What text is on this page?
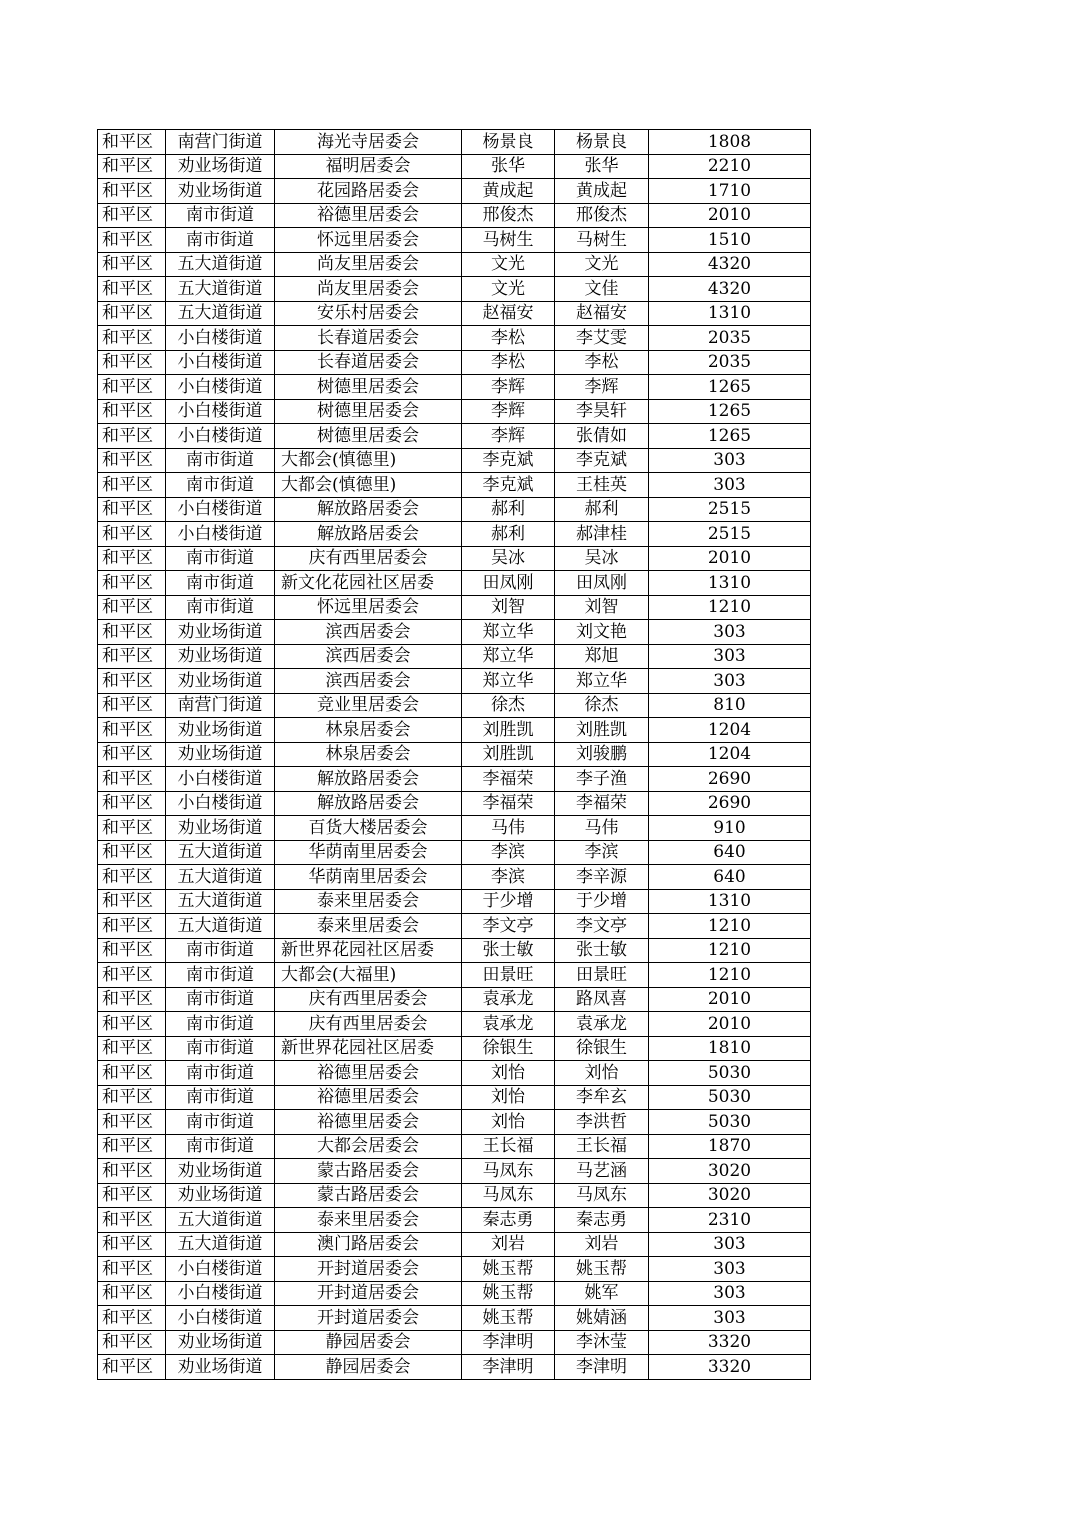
和平区	南营门街道	海光寺居委会	杨景良	杨景良	1808
和平区	劝业场街道	福明居委会	张华	张华	2210
和平区	劝业场街道	花园路居委会	黄成起	黄成起	1710
和平区	南市街道	裕德里居委会	邢俊杰	邢俊杰	2010
和平区	南市街道	怀远里居委会	马树生	马树生	1510
和平区	五大道街道	尚友里居委会	文光	文光	4320
和平区	五大道街道	尚友里居委会	文光	文佳	4320
和平区	五大道街道	安乐村居委会	赵福安	赵福安	1310
和平区	小白楼街道	长春道居委会	李松	李艾雯	2035
和平区	小白楼街道	长春道居委会	李松	李松	2035
和平区	小白楼街道	树德里居委会	李辉	李辉	1265
和平区	小白楼街道	树德里居委会	李辉	李昊轩	1265
和平区	小白楼街道	树德里居委会	李辉	张倩如	1265
和平区	南市街道	大都会(慎德里)	李克斌	李克斌	303
和平区	南市街道	大都会(慎德里)	李克斌	王桂英	303
和平区	小白楼街道	解放路居委会	郝利	郝利	2515
和平区	小白楼街道	解放路居委会	郝利	郝津桂	2515
和平区	南市街道	庆有西里居委会	吴冰	吴冰	2010
和平区	南市街道	新文化花园社区居委	田凤刚	田凤刚	1310
和平区	南市街道	怀远里居委会	刘智	刘智	1210
和平区	劝业场街道	滨西居委会	郑立华	刘文艳	303
和平区	劝业场街道	滨西居委会	郑立华	郑旭	303
和平区	劝业场街道	滨西居委会	郑立华	郑立华	303
和平区	南营门街道	竞业里居委会	徐杰	徐杰	810
和平区	劝业场街道	林泉居委会	刘胜凯	刘胜凯	1204
和平区	劝业场街道	林泉居委会	刘胜凯	刘骏鹏	1204
和平区	小白楼街道	解放路居委会	李福荣	李子渔	2690
和平区	小白楼街道	解放路居委会	李福荣	李福荣	2690
和平区	劝业场街道	百货大楼居委会	马伟	马伟	910
和平区	五大道街道	华荫南里居委会	李滨	李滨	640
和平区	五大道街道	华荫南里居委会	李滨	李辛源	640
和平区	五大道街道	泰来里居委会	于少增	于少增	1310
和平区	五大道街道	泰来里居委会	李文亭	李文亭	1210
和平区	南市街道	新世界花园社区居委	张士敏	张士敏	1210
和平区	南市街道	大都会(大福里)	田景旺	田景旺	1210
和平区	南市街道	庆有西里居委会	袁承龙	路凤喜	2010
和平区	南市街道	庆有西里居委会	袁承龙	袁承龙	2010
和平区	南市街道	新世界花园社区居委	徐银生	徐银生	1810
和平区	南市街道	裕德里居委会	刘怡	刘怡	5030
和平区	南市街道	裕德里居委会	刘怡	李牟玄	5030
和平区	南市街道	裕德里居委会	刘怡	李洪哲	5030
和平区	南市街道	大都会居委会	王长福	王长福	1870
和平区	劝业场街道	蒙古路居委会	马凤东	马艺涵	3020
和平区	劝业场街道	蒙古路居委会	马凤东	马凤东	3020
和平区	五大道街道	泰来里居委会	秦志勇	秦志勇	2310
和平区	五大道街道	澳门路居委会	刘岩	刘岩	303
和平区	小白楼街道	开封道居委会	姚玉帮	姚玉帮	303
和平区	小白楼街道	开封道居委会	姚玉帮	姚军	303
和平区	小白楼街道	开封道居委会	姚玉帮	姚婧涵	303
和平区	劝业场街道	静园居委会	李津明	李沐莹	3320
和平区	劝业场街道	静园居委会	李津明	李津明	3320
